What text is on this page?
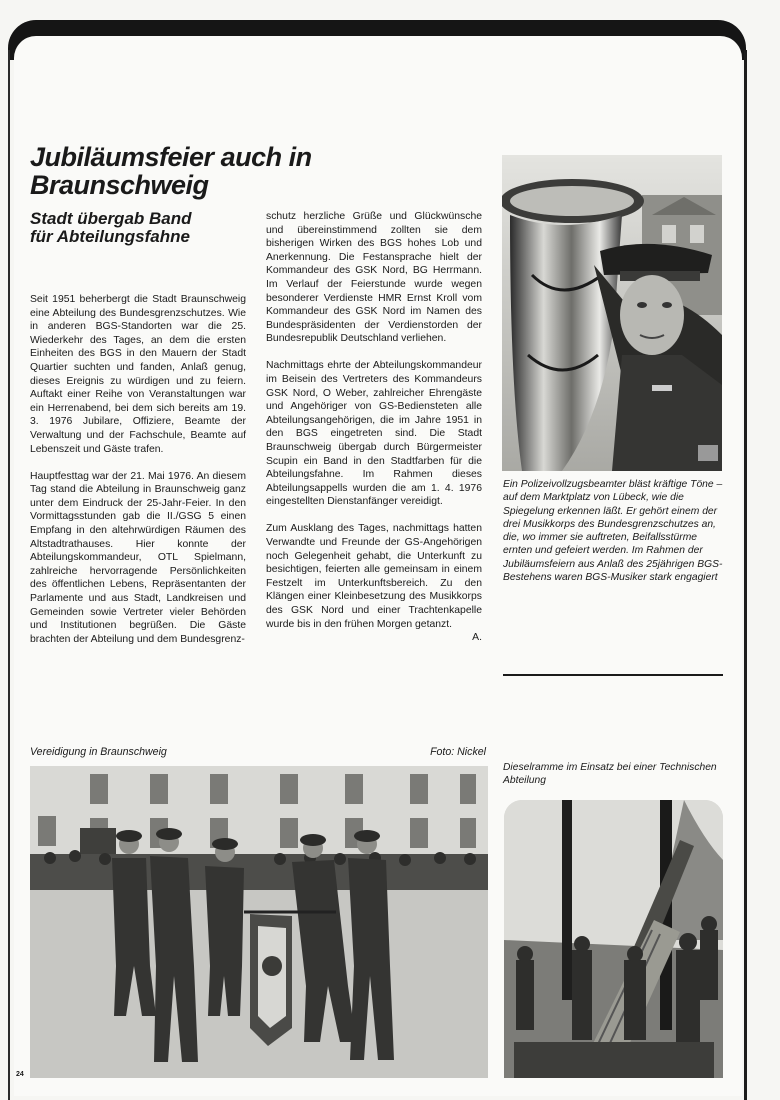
Jubiläumsfeier auch in
Braunschweig
Stadt übergab Band
für Abteilungsfahne

Seit 1951 beherbergt die Stadt Braunschweig eine Abteilung des Bundesgrenzschutzes. Wie in anderen BGS-Standorten war die 25. Wiederkehr des Tages, an dem die ersten Einheiten des BGS in den Mauern der Stadt Quartier suchten und fanden, Anlaß genug, dieses Ereignis zu würdigen und zu feiern. Auftakt einer Reihe von Veranstaltungen war ein Herrenabend, bei dem sich bereits am 19. 3. 1976 Jubilare, Offiziere, Beamte der Verwaltung und der Fachschule, Beamte auf Lebenszeit und Gäste trafen.

Hauptfesttag war der 21. Mai 1976. An diesem Tag stand die Abteilung in Braunschweig ganz unter dem Eindruck der 25-Jahr-Feier. In den Vormittagsstunden gab die II./GSG 5 einen Empfang in den altehrwürdigen Räumen des Altstadtrathauses. Hier konnte der Abteilungskommandeur, OTL Spielmann, zahlreiche hervorragende Persönlichkeiten des öffentlichen Lebens, Repräsentanten der Parlamente und aus Stadt, Landkreisen und Gemeinden sowie Vertreter vieler Behörden und Institutionen begrüßen. Die Gäste brachten der Abteilung und dem Bundesgrenz-

schutz herzliche Grüße und Glückwünsche und übereinstimmend zollten sie dem bisherigen Wirken des BGS hohes Lob und Anerkennung. Die Festansprache hielt der Kommandeur des GSK Nord, BG Herrmann. Im Verlauf der Feierstunde wurde wegen besonderer Verdienste HMR Ernst Kroll vom Kommandeur des GSK Nord im Namen des Bundespräsidenten der Verdienstorden der Bundesrepublik Deutschland verliehen.

Nachmittags ehrte der Abteilungskommandeur im Beisein des Vertreters des Kommandeurs GSK Nord, O Weber, zahlreicher Ehrengäste und Angehöriger von GS-Bediensteten alle Abteilungsangehörigen, die im Jahre 1951 in den BGS eingetreten sind. Die Stadt Braunschweig übergab durch Bürgermeister Scupin ein Band in den Stadtfarben für die Abteilungsfahne. Im Rahmen dieses Abteilungsappells wurden die am 1. 4. 1976 eingestellten Dienstanfänger vereidigt.

Zum Ausklang des Tages, nachmittags hatten Verwandte und Freunde der GS-Angehörigen noch Gelegenheit gehabt, die Unterkunft zu besichtigen, feierten alle gemeinsam in einem Festzelt im Unterkunftsbereich. Zu den Klängen einer Kleinbesetzung des Musikkorps des GSK Nord und einer Trachtenkapelle wurde bis in den frühen Morgen getanzt.
A.

Ein Polizeivollzugsbeamter bläst kräftige Töne – auf dem Marktplatz von Lübeck, wie die Spiegelung erkennen läßt. Er gehört einem der drei Musikkorps des Bundesgrenzschutzes an, die, wo immer sie auftreten, Beifallsstürme ernten und gefeiert werden. Im Rahmen der Jubiläumsfeiern aus Anlaß des 25jährigen BGS-Bestehens waren BGS-Musiker stark engagiert

Vereidigung in Braunschweig	Foto: Nickel

Dieselramme im Einsatz bei einer Technischen Abteilung

24
